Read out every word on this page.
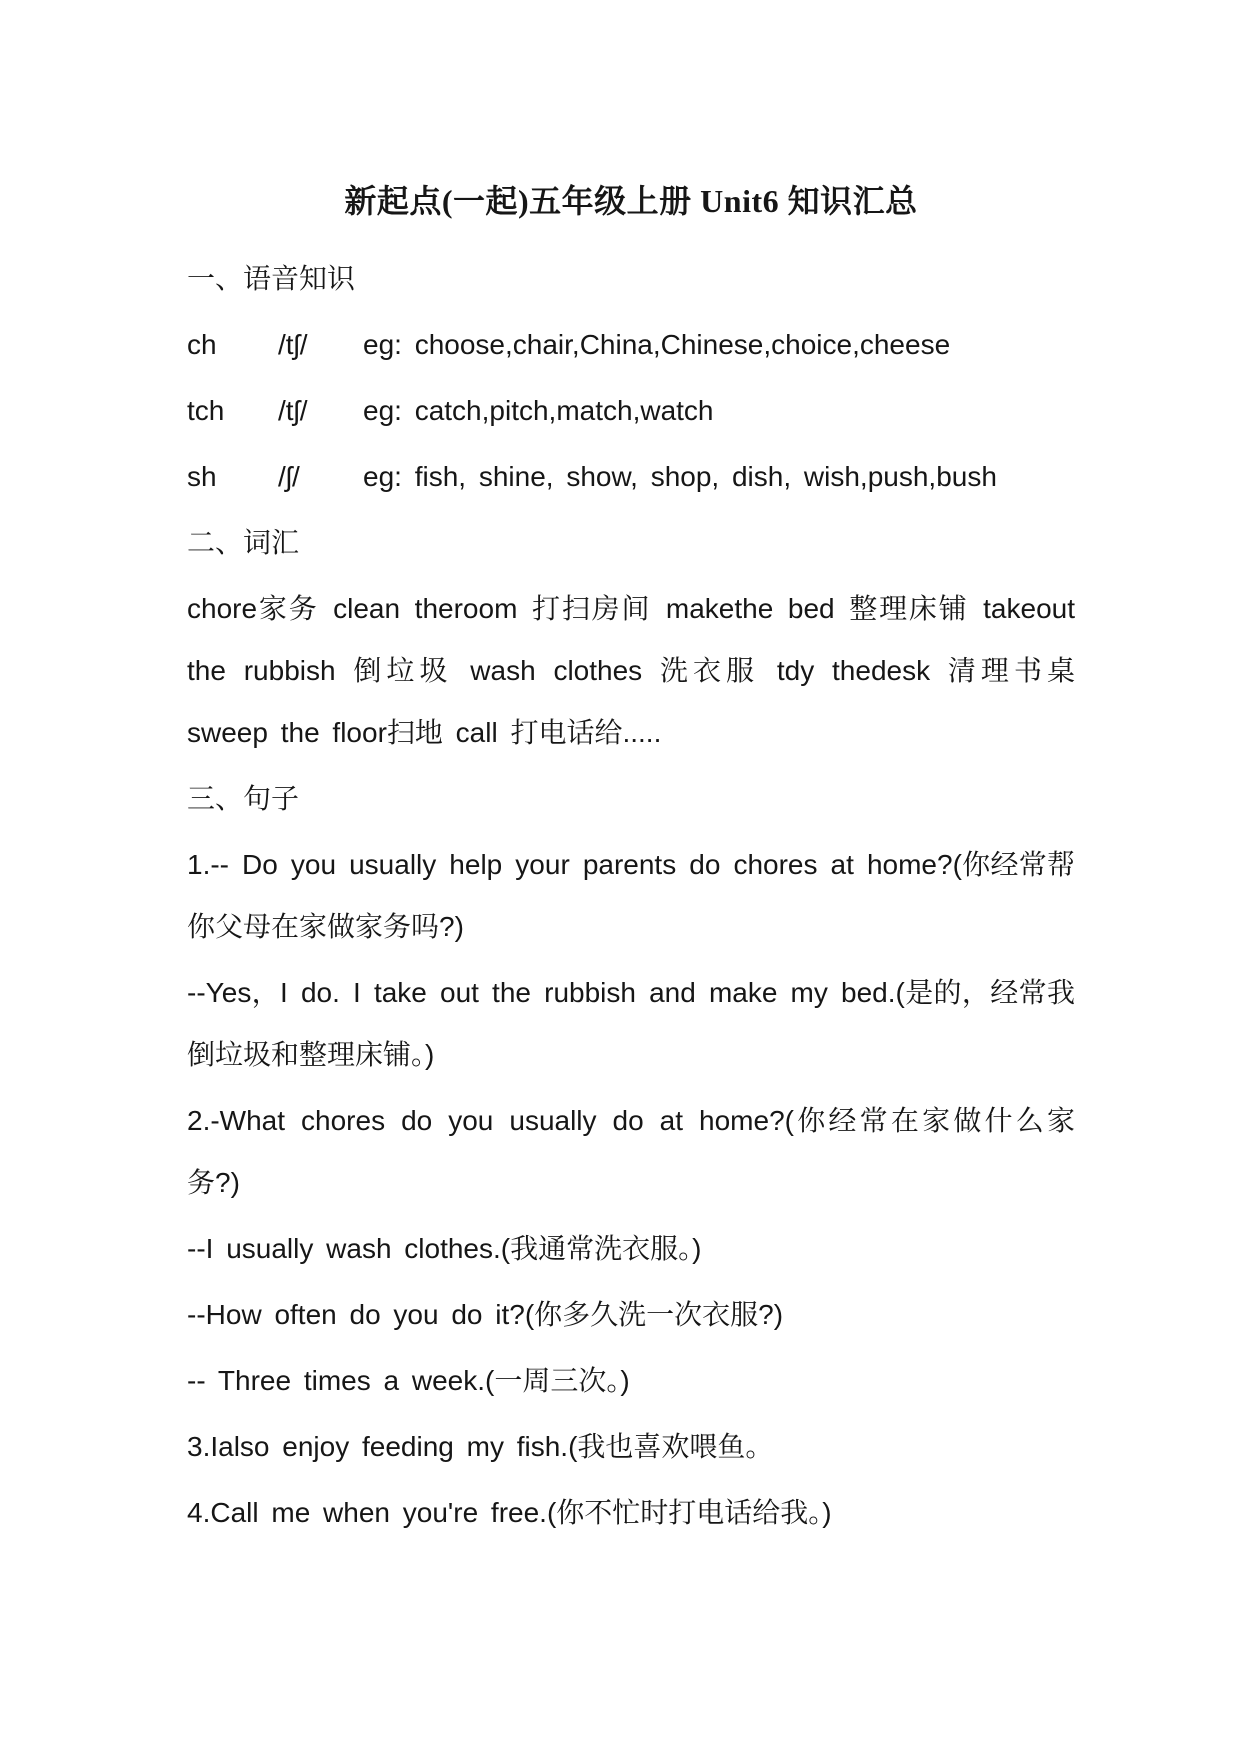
新起点(一起)五年级上册 Unit6 知识汇总

一、语音知识

ch	/tʃ/	eg: choose,chair,China,Chinese,choice,cheese
tch	/tʃ/	eg: catch,pitch,match,watch
sh	/ʃ/	eg: fish, shine, show, shop, dish, wish,push,bush

二、词汇

chore家务 clean theroom 打扫房间 makethe bed 整理床铺 takeout the rubbish 倒垃圾 wash clothes 洗衣服 tdy thedesk 清理书桌 sweep the floor扫地 call 打电话给.....

三、句子

1.-- Do you usually help your parents do chores at home?(你经常帮你父母在家做家务吗?)

--Yes，I do. I take out the rubbish and make my bed.(是的，经常我倒垃圾和整理床铺。)

2.-What chores do you usually do at home?(你经常在家做什么家务?)

--I usually wash clothes.(我通常洗衣服。)

--How often do you do it?(你多久洗一次衣服?)

-- Three times a week.(一周三次。)

3.Ialso enjoy feeding my fish.(我也喜欢喂鱼。

4.Call me when you're free.(你不忙时打电话给我。)
